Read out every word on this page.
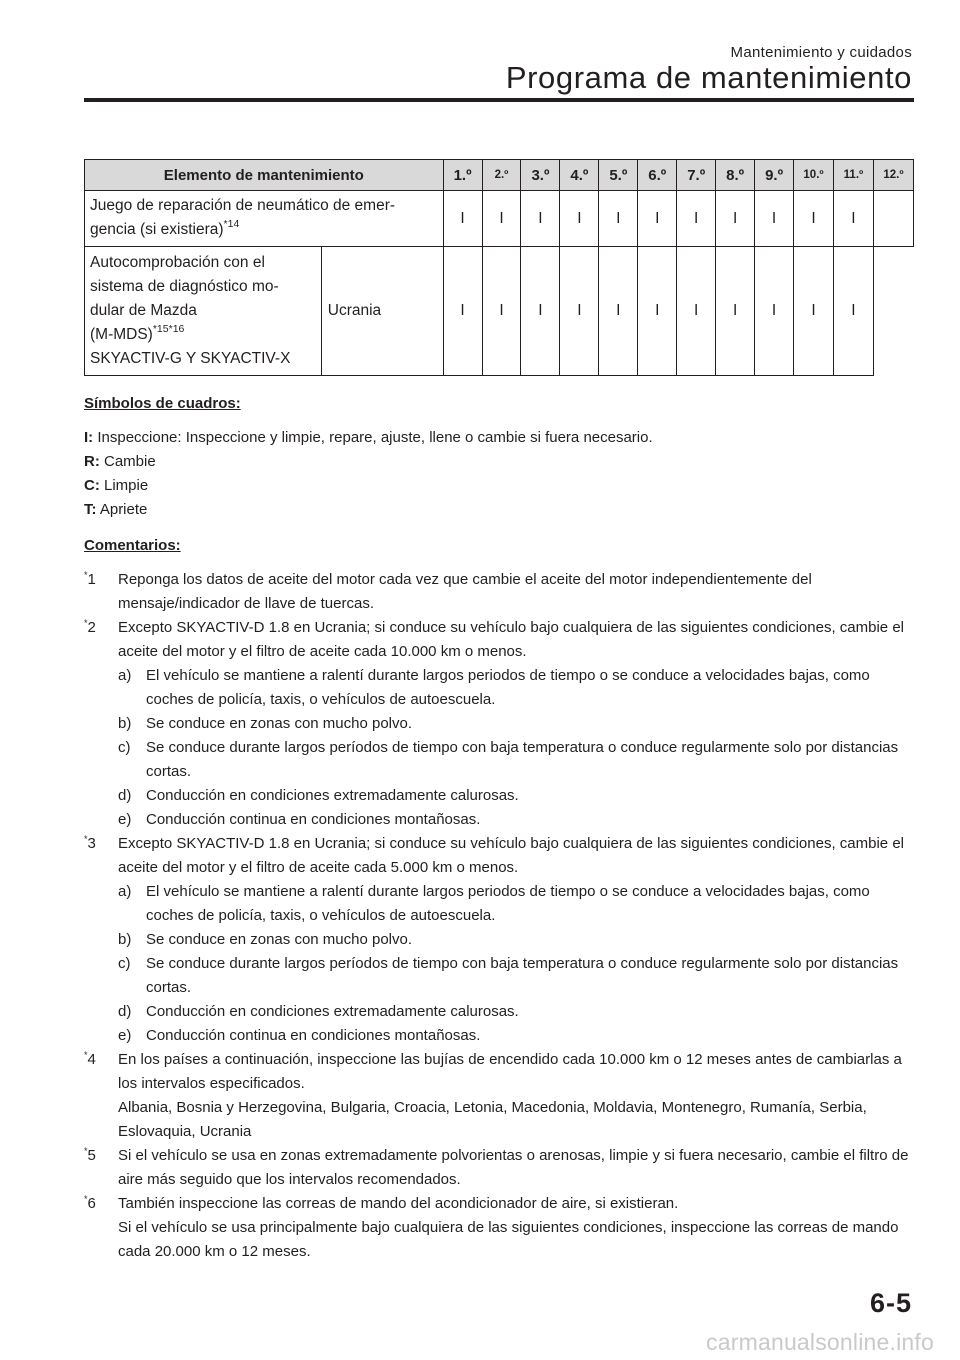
Mantenimiento y cuidados
Programa de mantenimiento
Elemento de mantenimiento		1.º	2.º	3.º	4.º	5.º	6.º	7.º	8.º	9.º	10.º	11.º	12.º
Juego de reparación de neumático de emer-
gencia (si existiera)$^{*14}$		I	I	I	I	I	I	I	I	I	I	I	
Autocomprobación con el
sistema de diagnóstico mo-
dular de Mazda
$(M-MDS)^{*15*16}$
SKYACTIV-G Y SKYACTIV-X	Ucrania	I	I	I	I	I	I	I	I	I	I	I	

Símbolos de cuadros:

I: Inspeccione: Inspeccione y limpie, repare, ajuste, llene o cambie si fuera necesario.

R: Cambie

C: Limpie

T: Apriete

Comentarios:

*1 Reponga los datos de aceite del motor cada vez que cambie el aceite del motor independientemente del mensaje/indicador de llave de tuercas.
*2 Excepto SKYACTIV-D 1.8 en Ucrania; si conduce su vehículo bajo cualquiera de las siguientes condiciones, cambie el aceite del motor y el filtro de aceite cada 10.000 km o menos.
a) El vehículo se mantiene a ralentí durante largos periodos de tiempo o se conduce a velocidades bajas, como coches de policía, taxis, o vehículos de autoescuela.
b) Se conduce en zonas con mucho polvo.
c) Se conduce durante largos períodos de tiempo con baja temperatura o conduce regularmente solo por distancias cortas.
d) Conducción en condiciones extremadamente calurosas.
e) Conducción continua en condiciones montañosas.
*3 Excepto SKYACTIV-D 1.8 en Ucrania; si conduce su vehículo bajo cualquiera de las siguientes condiciones, cambie el aceite del motor y el filtro de aceite cada 5.000 km o menos.
a) El vehículo se mantiene a ralentí durante largos periodos de tiempo o se conduce a velocidades bajas, como coches de policía, taxis, o vehículos de autoescuela.
b) Se conduce en zonas con mucho polvo.
c) Se conduce durante largos períodos de tiempo con baja temperatura o conduce regularmente solo por distancias cortas.
d) Conducción en condiciones extremadamente calurosas.
e) Conducción continua en condiciones montañosas.
*4 En los países a continuación, inspeccione las bujías de encendido cada 10.000 km o 12 meses antes de cambiarlas a los intervalos especificados.

Albania, Bosnia y Herzegovina, Bulgaria, Croacia, Letonia, Macedonia, Moldavia, Montenegro, Rumanía, Serbia, Eslovaquia, Ucrania

*5 Si el vehículo se usa en zonas extremadamente polvorientas o arenosas, limpie y si fuera necesario, cambie el filtro de aire más seguido que los intervalos recomendados.
*6 También inspeccione las correas de mando del acondicionador de aire, si existieran.

Si el vehículo se usa principalmente bajo cualquiera de las siguientes condiciones, inspeccione las correas de mando cada 20.000 km o 12 meses.

6-5
carmanualsonline.info
